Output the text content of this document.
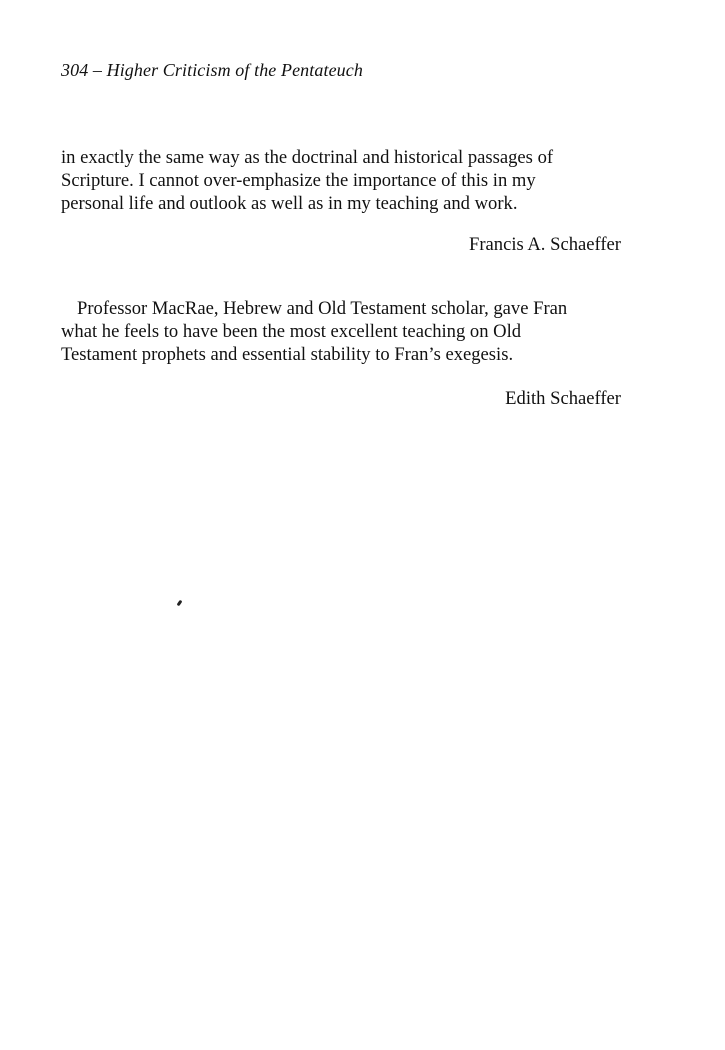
304 – Higher Criticism of the Pentateuch
in exactly the same way as the doctrinal and historical passages of
Scripture. I cannot over-emphasize the importance of this in my
personal life and outlook as well as in my teaching and work.
Francis A. Schaeffer
Professor MacRae, Hebrew and Old Testament scholar, gave Fran
what he feels to have been the most excellent teaching on Old
Testament prophets and essential stability to Fran’s exegesis.
Edith Schaeffer
